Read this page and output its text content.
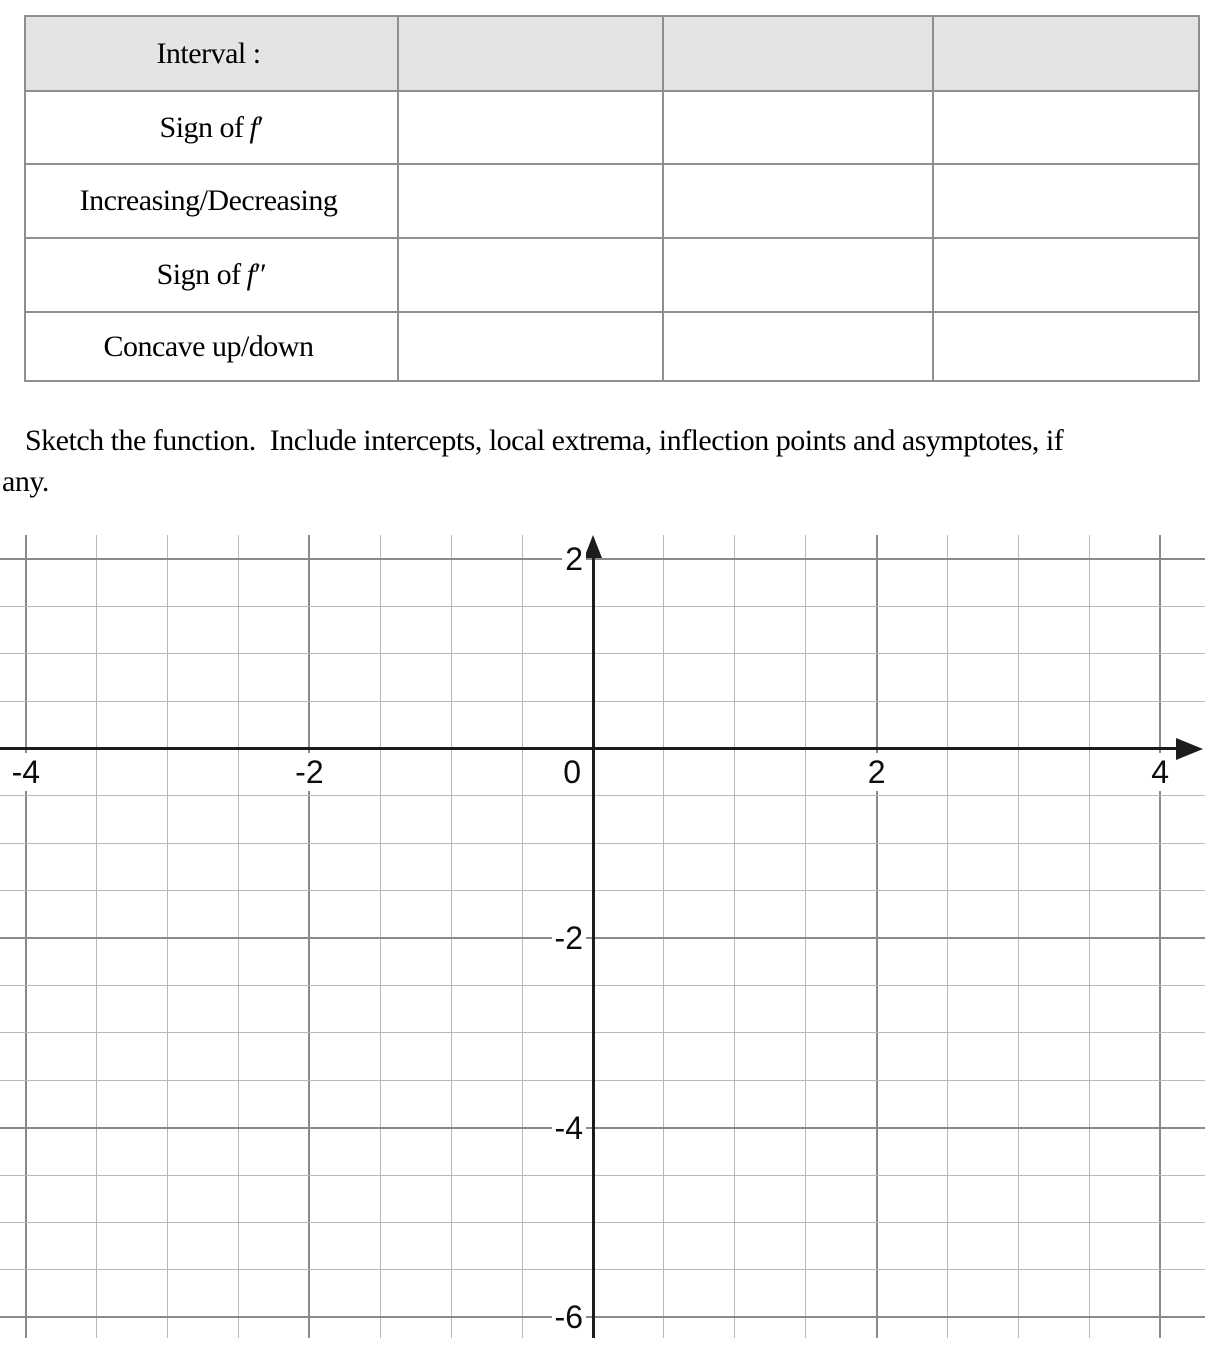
Interval :			
Sign of f′			
Increasing/Decreasing			
Sign of f″			
Concave up/down			
Sketch the function.  Include intercepts, local extrema, inflection points and asymptotes, if
any.
-4	-2	2	4
2
-2
-4
-6
0
